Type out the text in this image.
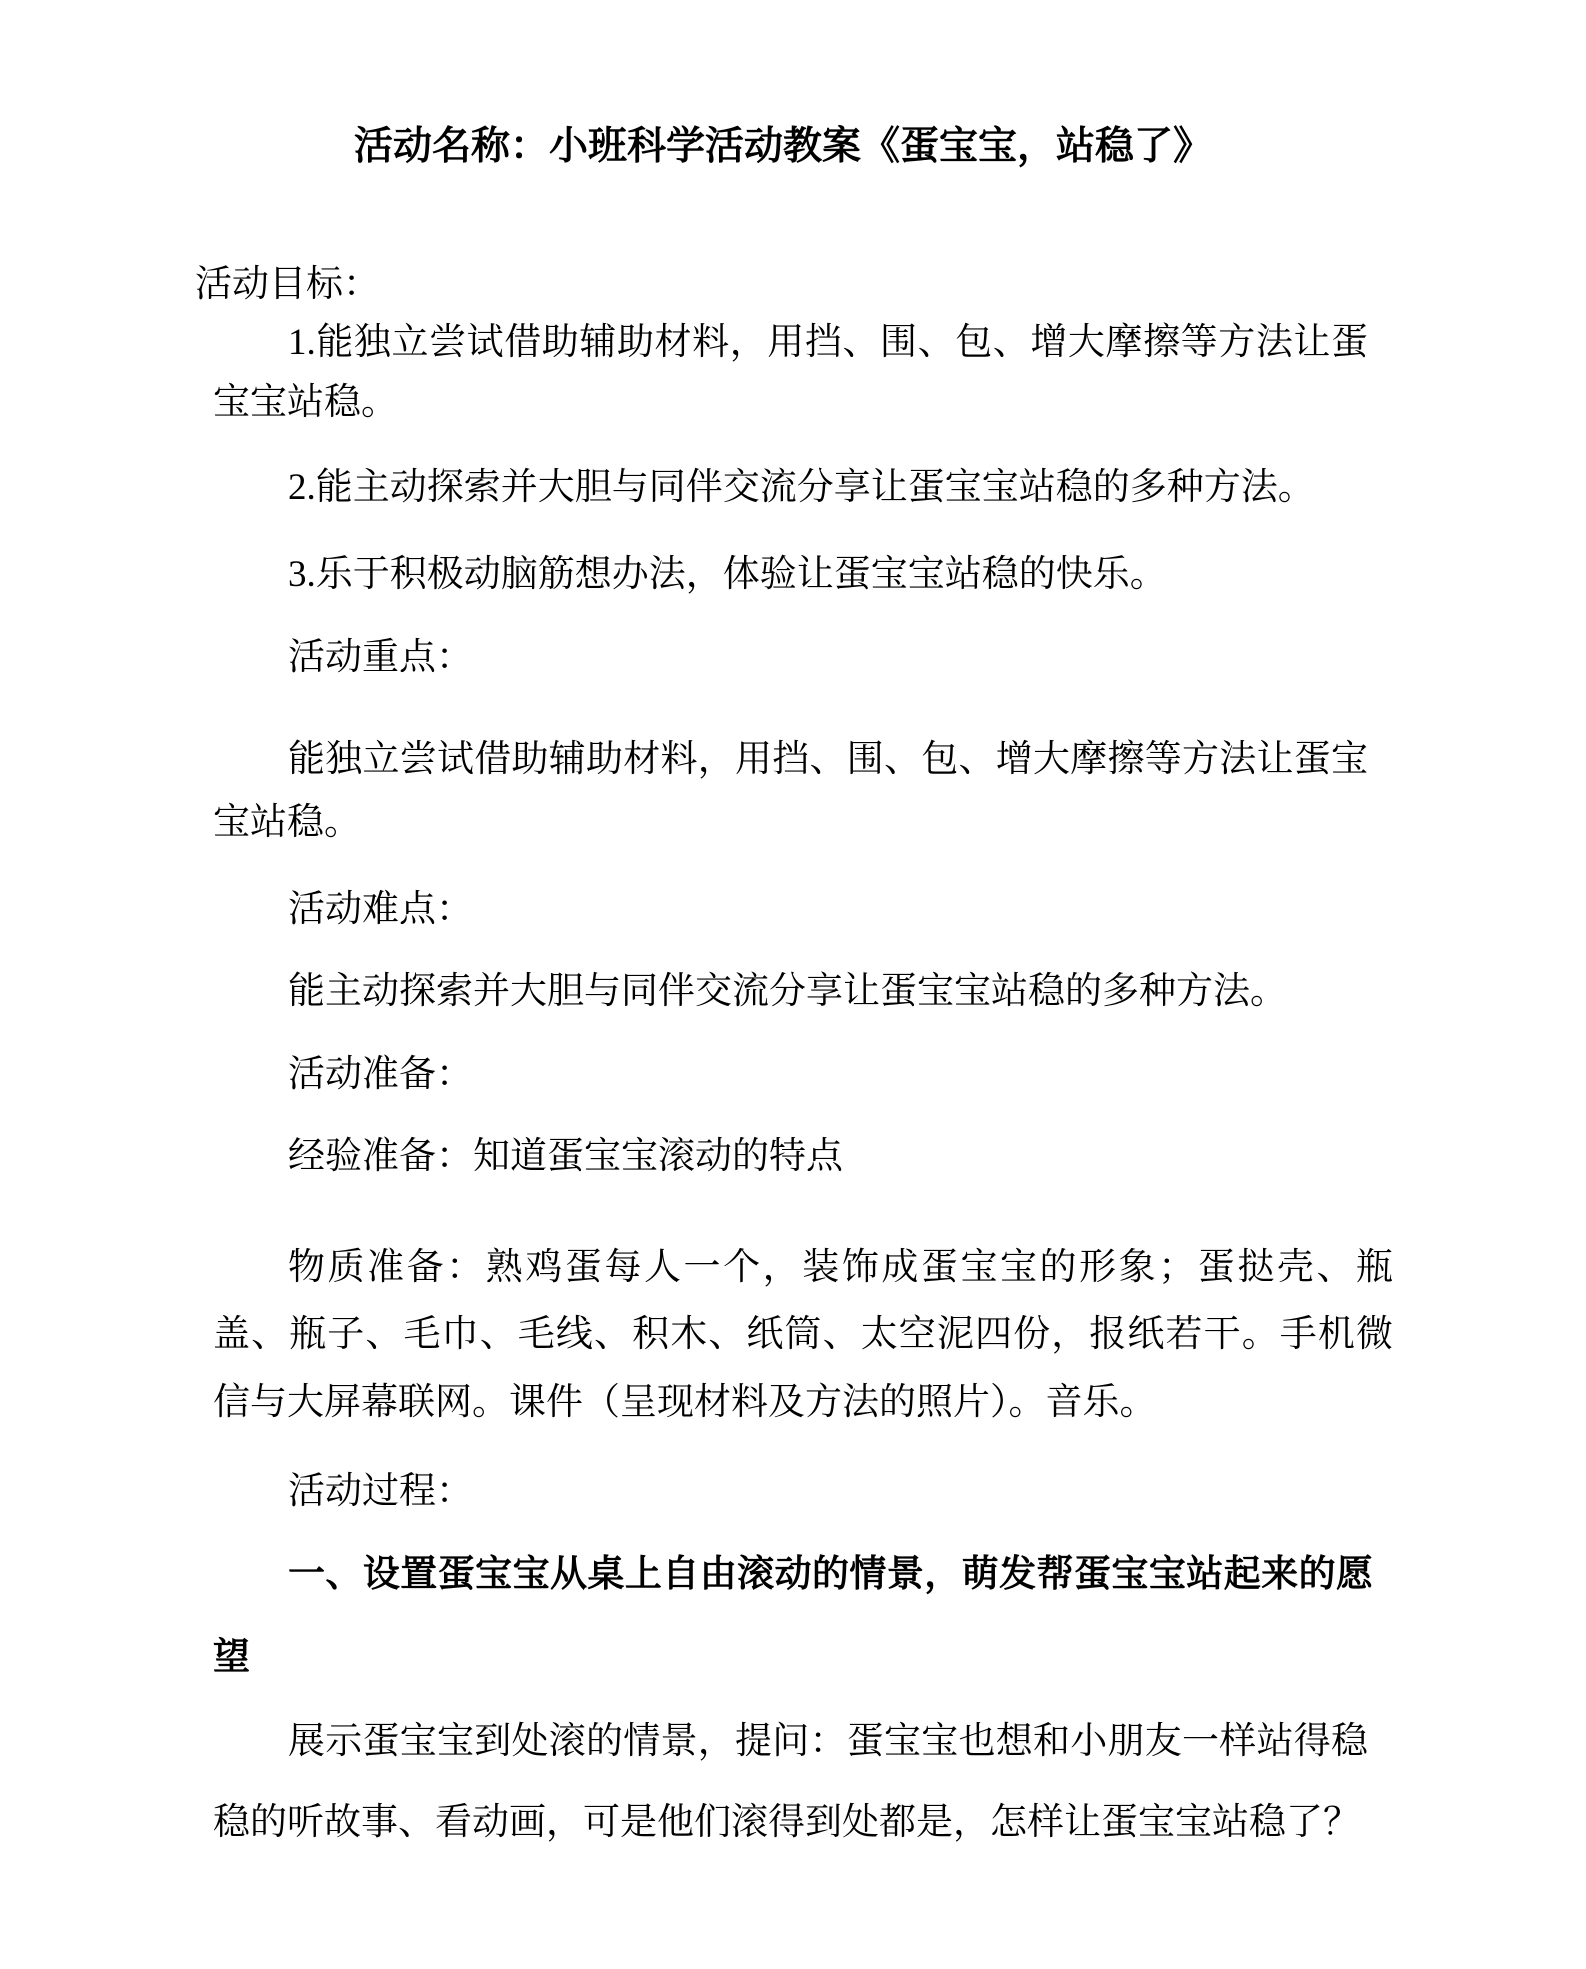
活动名称：小班科学活动教案《蛋宝宝，站稳了》
活动目标：
1.能独立尝试借助辅助材料，用挡、围、包、增大摩擦等方法让蛋
宝宝站稳。
2.能主动探索并大胆与同伴交流分享让蛋宝宝站稳的多种方法。
3.乐于积极动脑筋想办法，体验让蛋宝宝站稳的快乐。
活动重点：
能独立尝试借助辅助材料，用挡、围、包、增大摩擦等方法让蛋宝
宝站稳。
活动难点：
能主动探索并大胆与同伴交流分享让蛋宝宝站稳的多种方法。
活动准备：
经验准备：知道蛋宝宝滚动的特点
物质准备：熟鸡蛋每人一个，装饰成蛋宝宝的形象；蛋挞壳、瓶
盖、瓶子、毛巾、毛线、积木、纸筒、太空泥四份，报纸若干。手机微
信与大屏幕联网。课件（呈现材料及方法的照片）。音乐。
活动过程：
一、设置蛋宝宝从桌上自由滚动的情景，萌发帮蛋宝宝站起来的愿
望
展示蛋宝宝到处滚的情景，提问：蛋宝宝也想和小朋友一样站得稳
稳的听故事、看动画，可是他们滚得到处都是，怎样让蛋宝宝站稳了？
